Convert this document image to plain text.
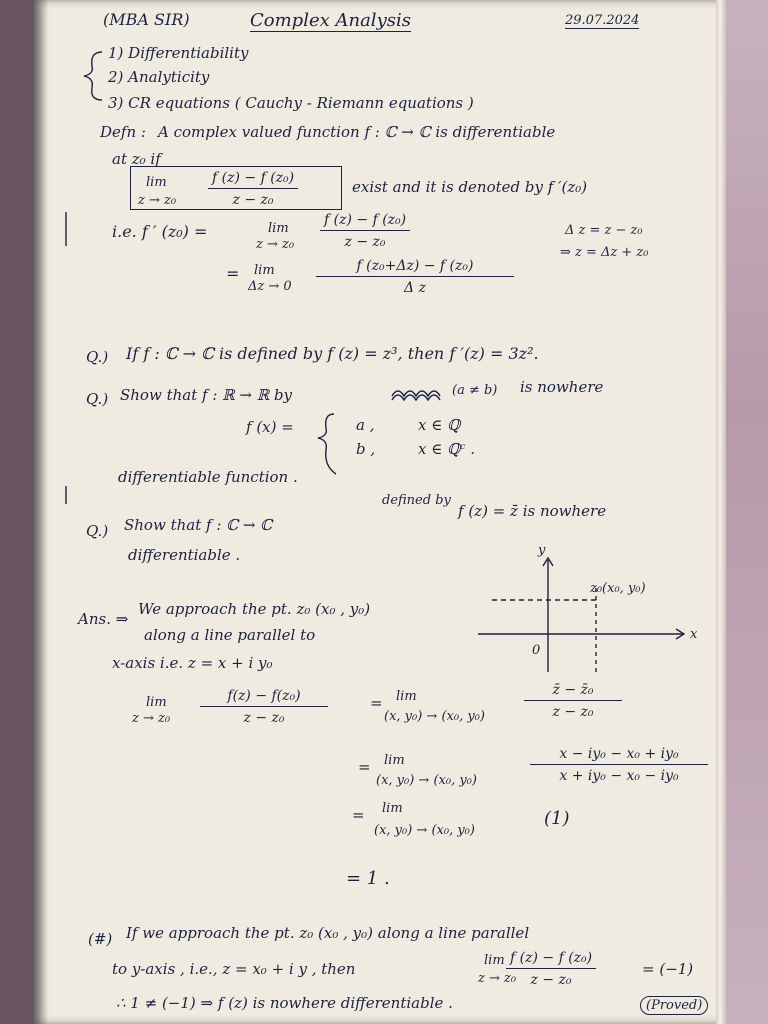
(MBA SIR)	Complex Analysis	29.07.2024
1) Differentiability
2) Analyticity
3) CR equations ( Cauchy - Riemann equations )
Defn : A complex valued function f : ℂ → ℂ is differentiable
at z₀ if
lim
$z \to z_0 \frac{\text{f (z) − f (z₀)}}{\text{z − z₀}}$	exist and it is denoted by f ′(z₀)
i.e. f ′ (z₀) =	lim
$z \to z_0 \frac{\text{f (z) − f (z₀)}}{\text{z − z₀}}$	Δ z = z − z₀
⇒ z = Δz + z₀
= lim
$\Delta z \to 0 \frac{\text{f (z₀+Δz) − f (z₀)}}{\text{Δ z}}$
Q.) If f : ℂ → ℂ is defined by f (z) = z³, then f ′(z) = 3z².
Q.) Show that f : ℝ → ℝ by	(a ≠ b) is nowhere
f (x) =	a ,	x ∈ ℚ
b ,	x ∈ ℚᶜ .
differentiable function .
Q.) Show that f : ℂ → ℂ
defined by
f (z) = z̄ is nowhere
differentiable .
Ans. ⇒
We approach the pt. z₀ (x₀ , y₀)
along a line parallel to
x-axis i.e. z = x + i y₀
y
x
0
z₀(x₀, y₀)
lim
$z \to z_0 \frac{\text{f(z) − f(z₀)}}{\text{z − z₀}}$	= lim
(x, y₀) → (x₀, y₀)	$\frac{\text{z̄ − z̄₀}}{\text{z − z₀}}$
= lim
(x, y₀) → (x₀, y₀)	$\frac{\text{x − iy₀ − x₀ + iy₀}}{\text{x + iy₀ − x₀ − iy₀}}$
= lim
(x, y₀) → (x₀, y₀)
(1)
= 1 .
(#) If we approach the pt. z₀ (x₀ , y₀) along a line parallel
to y-axis , i.e., z = x₀ + i y , then	lim
z → z₀
$\frac{\text{f (z) − f (z₀)}}{\text{z − z₀}}$	= (−1)
∴ 1 ≠ (−1) ⇒ f (z) is nowhere differentiable .	(Proved)
